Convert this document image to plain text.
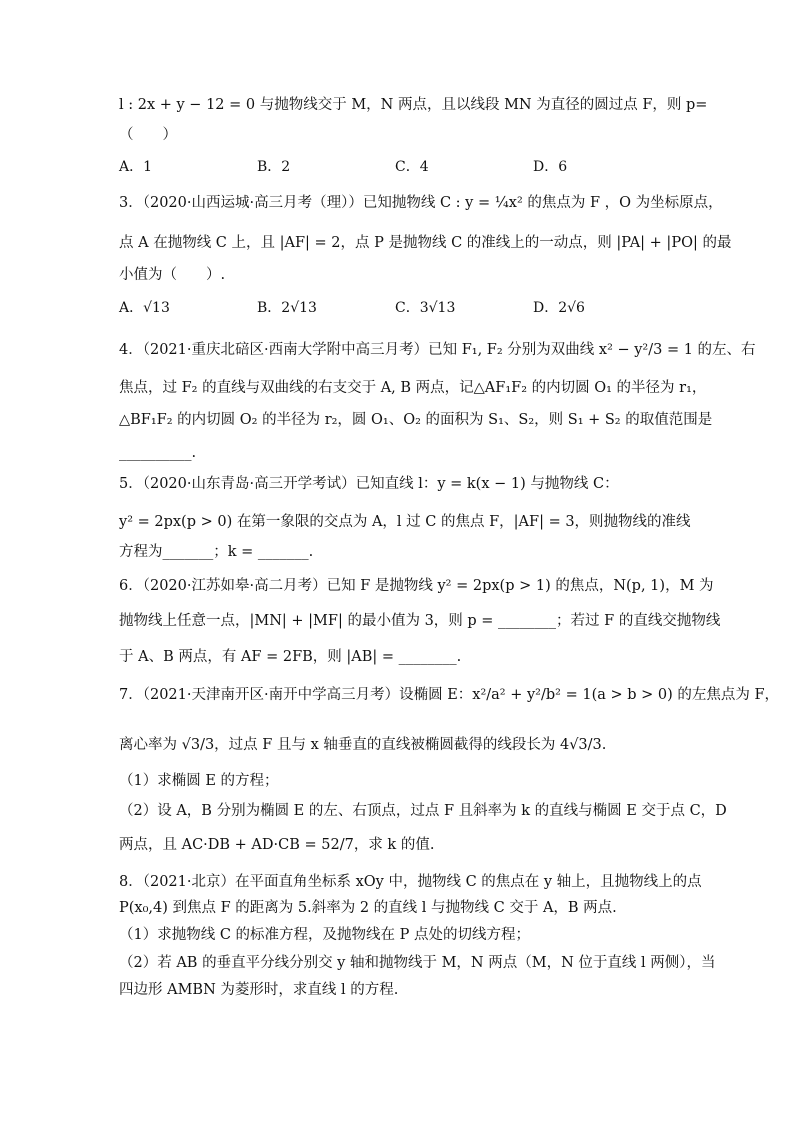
l : 2x + y − 12 = 0 与抛物线交于 M，N 两点，且以线段 MN 为直径的圆过点 F，则 p=
（　　）
A．1	B．2	C．4	D．6
3．（2020·山西运城·高三月考（理））已知抛物线 C : y = ¼x² 的焦点为 F ，O 为坐标原点，
点 A 在抛物线 C 上，且 |AF| = 2，点 P 是抛物线 C 的准线上的一动点，则 |PA| + |PO| 的最
小值为（　　）.
A．√13	B．2√13	C．3√13	D．2√6
4．（2021·重庆北碚区·西南大学附中高三月考）已知 F₁, F₂ 分别为双曲线 x² − y²/3 = 1 的左、右
焦点，过 F₂ 的直线与双曲线的右支交于 A, B 两点，记△AF₁F₂ 的内切圆 O₁ 的半径为 r₁，
△BF₁F₂ 的内切圆 O₂ 的半径为 r₂，圆 O₁、O₂ 的面积为 S₁、S₂，则 S₁ + S₂ 的取值范围是
__________.
5．（2020·山东青岛·高三开学考试）已知直线 l：y = k(x − 1) 与抛物线 C：
y² = 2px(p > 0) 在第一象限的交点为 A，l 过 C 的焦点 F，|AF| = 3，则抛物线的准线
方程为_______；k = _______.
6．（2020·江苏如皋·高二月考）已知 F 是抛物线 y² = 2px(p > 1) 的焦点，N(p, 1)，M 为
抛物线上任意一点，|MN| + |MF| 的最小值为 3，则 p = ________；若过 F 的直线交抛物线
于 A、B 两点，有 AF = 2FB，则 |AB| = ________.
7．（2021·天津南开区·南开中学高三月考）设椭圆 E：x²/a² + y²/b² = 1(a > b > 0) 的左焦点为 F，
离心率为 √3/3，过点 F 且与 x 轴垂直的直线被椭圆截得的线段长为 4√3/3.
（1）求椭圆 E 的方程；
（2）设 A，B 分别为椭圆 E 的左、右顶点，过点 F 且斜率为 k 的直线与椭圆 E 交于点 C，D
两点，且 AC·DB + AD·CB = 52/7，求 k 的值.
8．（2021·北京）在平面直角坐标系 xOy 中，抛物线 C 的焦点在 y 轴上，且抛物线上的点
P(x₀,4) 到焦点 F 的距离为 5.斜率为 2 的直线 l 与抛物线 C 交于 A，B 两点.
（1）求抛物线 C 的标准方程，及抛物线在 P 点处的切线方程；
（2）若 AB 的垂直平分线分别交 y 轴和抛物线于 M，N 两点（M，N 位于直线 l 两侧），当
四边形 AMBN 为菱形时，求直线 l 的方程.
